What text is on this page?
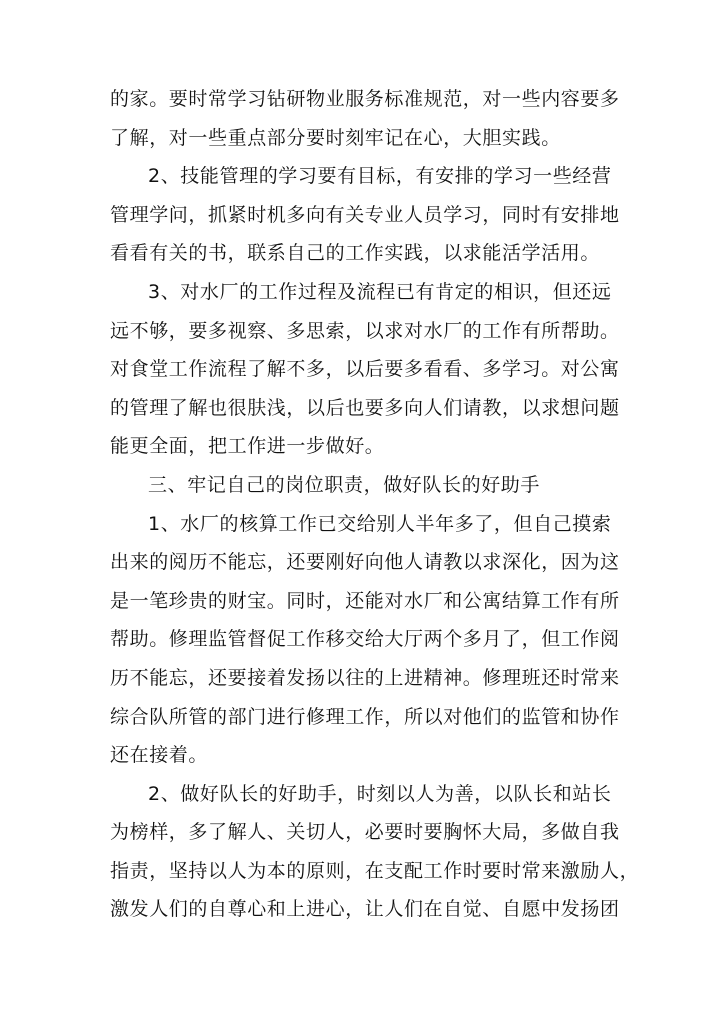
的家。要时常学习钻研物业服务标准规范，对一些内容要多
了解，对一些重点部分要时刻牢记在心，大胆实践。
2、技能管理的学习要有目标，有安排的学习一些经营
管理学问，抓紧时机多向有关专业人员学习，同时有安排地
看看有关的书，联系自己的工作实践，以求能活学活用。
3、对水厂的工作过程及流程已有肯定的相识，但还远
远不够，要多视察、多思索，以求对水厂的工作有所帮助。
对食堂工作流程了解不多，以后要多看看、多学习。对公寓
的管理了解也很肤浅，以后也要多向人们请教，以求想问题
能更全面，把工作进一步做好。
三、牢记自己的岗位职责，做好队长的好助手
1、水厂的核算工作已交给别人半年多了，但自己摸索
出来的阅历不能忘，还要刚好向他人请教以求深化，因为这
是一笔珍贵的财宝。同时，还能对水厂和公寓结算工作有所
帮助。修理监管督促工作移交给大厅两个多月了，但工作阅
历不能忘，还要接着发扬以往的上进精神。修理班还时常来
综合队所管的部门进行修理工作，所以对他们的监管和协作
还在接着。
2、做好队长的好助手，时刻以人为善，以队长和站长
为榜样，多了解人、关切人，必要时要胸怀大局，多做自我
指责，坚持以人为本的原则，在支配工作时要时常来激励人，
激发人们的自尊心和上进心，让人们在自觉、自愿中发扬团
